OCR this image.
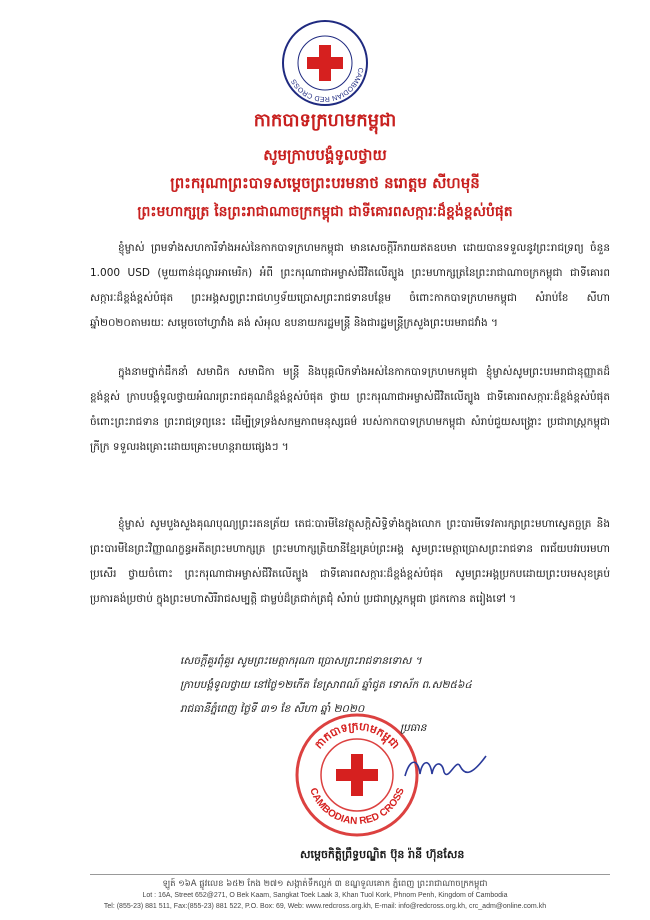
CAMBODIAN RED CROSS
កាកបាទក្រហមកម្ពុជា
សូមក្រាបបង្គំទូលថ្វាយ
ព្រះករុណាព្រះបាទសម្តេចព្រះបរមនាថ នរោត្តម សីហមុនី
ព្រះមហាក្សត្រ នៃព្រះរាជាណាចក្រកម្ពុជា ជាទីគោរពសក្ការៈដ៏ខ្ពង់ខ្ពស់បំផុត

ខ្ញុំម្ចាស់ ព្រមទាំងសហការីទាំងអស់នៃកាកបាទក្រហមកម្ពុជា មានសេចក្តីរីករាយឥតឧបមា ដោយបានទទួលនូវព្រះរាជទ្រព្យ ចំនួន 1.000 USD (មួយពាន់ដុល្លារអាមេរិក) អំពី ព្រះករុណាជាអម្ចាស់ជីវិតលើត្បូង ព្រះមហាក្សត្រនៃព្រះរាជាណាចក្រកម្ពុជា ជាទីគោរពសក្ការៈដ៏ខ្ពង់ខ្ពស់បំផុត ព្រះអង្គសព្វព្រះរាជហឫទ័យប្រោសព្រះរាជទានបន្ថែម ចំពោះកាកបាទក្រហមកម្ពុជា សំរាប់ខែ សីហា ឆ្នាំ២០២០តាមរយៈ សម្តេចចៅហ្វាវាំង គង់ សំអុល ឧបនាយករដ្ឋមន្ត្រី និងជារដ្ឋមន្ត្រីក្រសួងព្រះបរមរាជវាំង ។

ក្នុងនាមថ្នាក់ដឹកនាំ សមាជិក សមាជិកា មន្ត្រី និងបុគ្គលិកទាំងអស់នៃកាកបាទក្រហមកម្ពុជា ខ្ញុំម្ចាស់សូមព្រះបរមរាជានុញ្ញាតដ៏ខ្ពង់ខ្ពស់ ក្រាបបង្គំទូលថ្វាយអំណរព្រះរាជគុណដ៏ខ្ពង់ខ្ពស់បំផុត ថ្វាយ ព្រះករុណាជាអម្ចាស់ជីវិតលើត្បូង ជាទីគោរពសក្ការៈដ៏ខ្ពង់ខ្ពស់បំផុត ចំពោះព្រះរាជទាន ព្រះរាជទ្រព្យនេះ ដើម្បីទ្រទ្រង់សកម្មភាពមនុស្សធម៌ របស់កាកបាទក្រហមកម្ពុជា សំរាប់ជួយសង្គ្រោះ ប្រជារាស្ត្រកម្ពុជាក្រីក្រ ទទួលរងគ្រោះដោយគ្រោះមហន្តរាយផ្សេងៗ ។

ខ្ញុំម្ចាស់ សូមបួងសួងគុណបុណ្យព្រះរតនត្រ័យ តេជៈបារមីនៃវត្ថុសក្តិសិទ្ធិទាំងក្នុងលោក ព្រះបារមីទេវតារក្សាព្រះមហាស្វេតច្ឆត្រ និងព្រះបារមីនៃព្រះវិញ្ញាណក្ខន្ធអតីតព្រះមហាក្សត្រ ព្រះមហាក្សត្រិយានីខ្មែរគ្រប់ព្រះអង្គ សូមព្រះមេត្តាប្រោសព្រះរាជទាន ពរជ័យបវរបរមហាប្រសើរ ថ្វាយចំពោះ ព្រះករុណាជាអម្ចាស់ជីវិតលើត្បូង ជាទីគោរពសក្ការៈដ៏ខ្ពង់ខ្ពស់បំផុត សូមព្រះអង្គប្រកបដោយព្រះបរមសុខគ្រប់ប្រការគង់ប្រថាប់ ក្នុងព្រះមហាសិរីរាជសម្បត្តិ ជាម្លប់ដ៏ត្រជាក់ត្រជុំ សំរាប់ ប្រជារាស្ត្រកម្ពុជា ជ្រកកោន តរៀងទៅ ។

សេចក្តីគួរពុំគួរ សូមព្រះមេត្តាករុណា ប្រោសព្រះរាជទានទោស ។
ក្រាបបង្គំទូលថ្វាយ នៅថ្ងៃ១២កើត ខែស្រាពណ៍ ឆ្នាំជូត ទោស័ក ព.ស២៥៦៤
រាជធានីភ្នំពេញ ថ្ងៃទី ៣១ ខែ សីហា ឆ្នាំ ២០២០
កាកបាទក្រហមកម្ពុជា
CAMBODIAN RED CROSS
ប្រធាន
សម្តេចកិត្តិព្រឹទ្ធបណ្ឌិត ប៊ុន រ៉ានី ហ៊ុនសែន
ឡូត៍ ១៦A ផ្លូវលេខ ៦៥២ កែង ២៧១ សង្កាត់ទឹកល្អក់ ៣ ខណ្ឌទួលគោក ភ្នំពេញ ព្រះរាជាណាចក្រកម្ពុជា
Lot : 16A, Street 652@271, O Bek Kaam, Sangkat Toek Laak 3, Khan Tuol Kork, Phnom Penh, Kingdom of Cambodia
Tel: (855-23) 881 511, Fax:(855-23) 881 522, P.O. Box: 69, Web: www.redcross.org.kh, E-mail: info@redcross.org.kh, crc_adm@online.com.kh
